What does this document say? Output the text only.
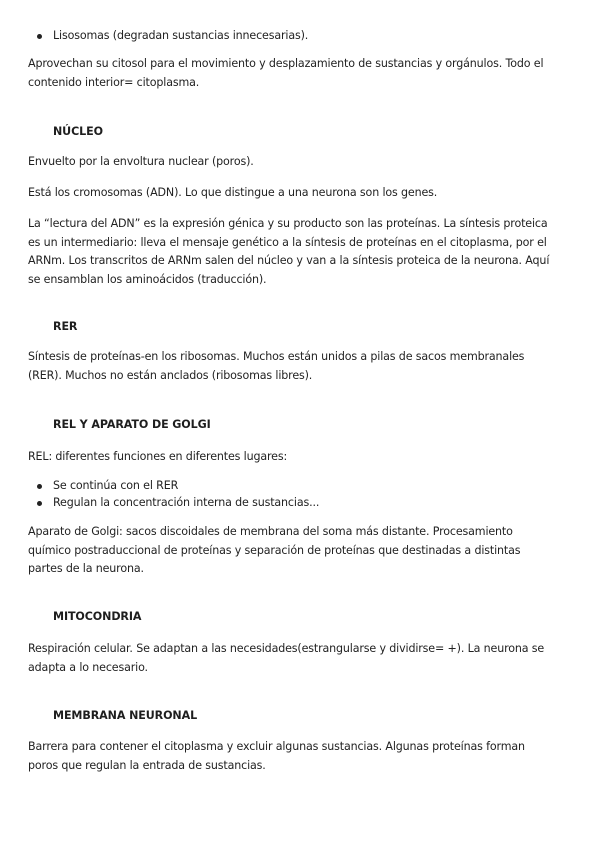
Lisosomas (degradan sustancias innecesarias).
Aprovechan su citosol para el movimiento y desplazamiento de sustancias y orgánulos. Todo el
contenido interior= citoplasma.
NÚCLEO
Envuelto por la envoltura nuclear (poros).
Está los cromosomas (ADN). Lo que distingue a una neurona son los genes.
La “lectura del ADN” es la expresión génica y su producto son las proteínas. La síntesis proteica
es un intermediario: lleva el mensaje genético a la síntesis de proteínas en el citoplasma, por el
ARNm. Los transcritos de ARNm salen del núcleo y van a la síntesis proteica de la neurona. Aquí
se ensamblan los aminoácidos (traducción).
RER
Síntesis de proteínas-en los ribosomas. Muchos están unidos a pilas de sacos membranales
(RER). Muchos no están anclados (ribosomas libres).
REL Y APARATO DE GOLGI
REL: diferentes funciones en diferentes lugares:
Se continúa con el RER
Regulan la concentración interna de sustancias...
Aparato de Golgi: sacos discoidales de membrana del soma más distante. Procesamiento
químico postraduccional de proteínas y separación de proteínas que destinadas a distintas
partes de la neurona.
MITOCONDRIA
Respiración celular. Se adaptan a las necesidades(estrangularse y dividirse= +). La neurona se
adapta a lo necesario.
MEMBRANA NEURONAL
Barrera para contener el citoplasma y excluir algunas sustancias. Algunas proteínas forman
poros que regulan la entrada de sustancias.
